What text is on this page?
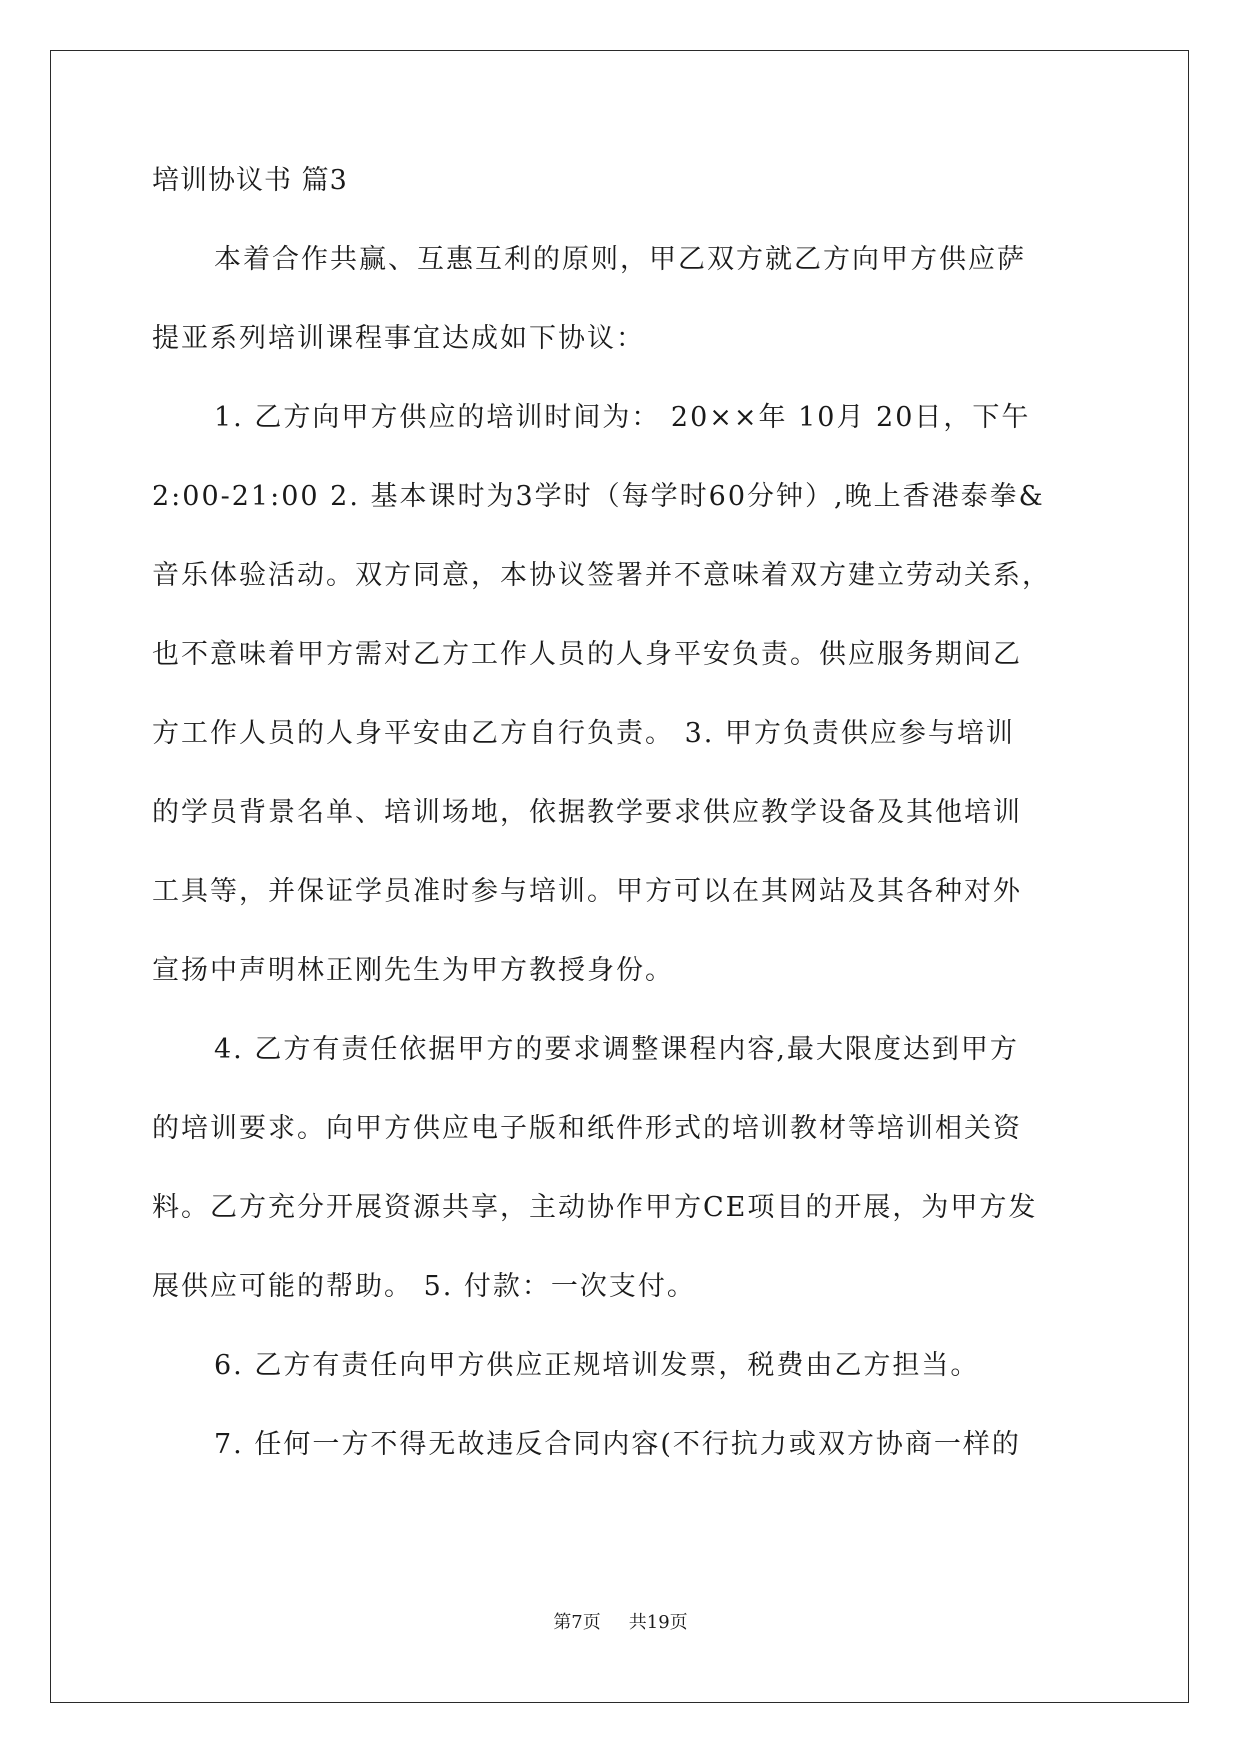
培训协议书 篇3
本着合作共赢、互惠互利的原则，甲乙双方就乙方向甲方供应萨
提亚系列培训课程事宜达成如下协议：
1. 乙方向甲方供应的培训时间为： 20××年 10月 20日，下午
2:00-21:00 2. 基本课时为3学时（每学时60分钟）,晚上香港泰拳&
音乐体验活动。双方同意，本协议签署并不意味着双方建立劳动关系，
也不意味着甲方需对乙方工作人员的人身平安负责。供应服务期间乙
方工作人员的人身平安由乙方自行负责。 3. 甲方负责供应参与培训
的学员背景名单、培训场地，依据教学要求供应教学设备及其他培训
工具等，并保证学员准时参与培训。甲方可以在其网站及其各种对外
宣扬中声明林正刚先生为甲方教授身份。
4. 乙方有责任依据甲方的要求调整课程内容,最大限度达到甲方
的培训要求。向甲方供应电子版和纸件形式的培训教材等培训相关资
料。乙方充分开展资源共享，主动协作甲方CE项目的开展，为甲方发
展供应可能的帮助。 5. 付款：一次支付。
6. 乙方有责任向甲方供应正规培训发票，税费由乙方担当。
7. 任何一方不得无故违反合同内容(不行抗力或双方协商一样的
第7页 共19页
